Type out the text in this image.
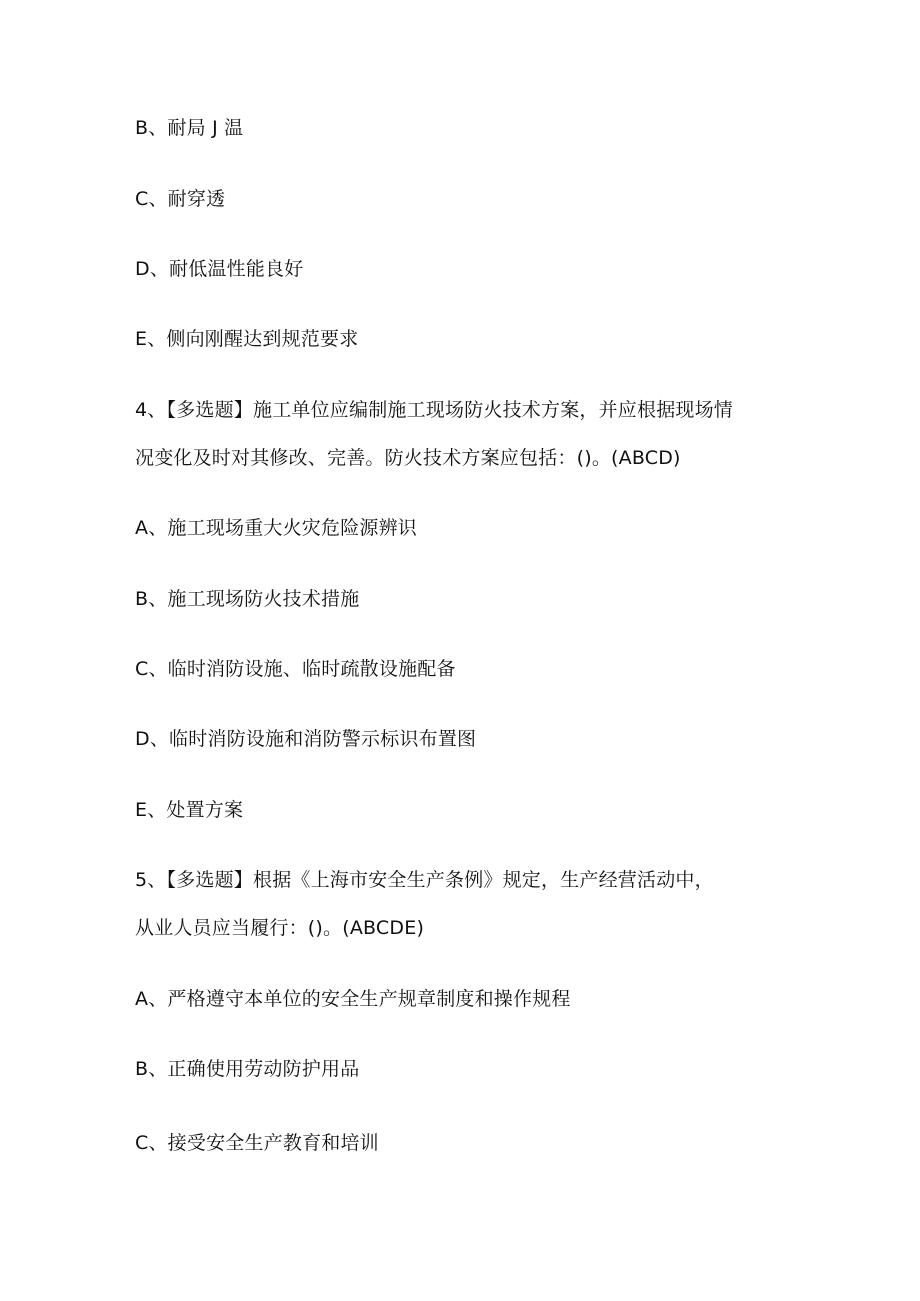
B、耐局 J 温
C、耐穿透
D、耐低温性能良好
E、侧向刚醒达到规范要求
4、【多选题】施工单位应编制施工现场防火技术方案，并应根据现场情
况变化及时对其修改、完善。防火技术方案应包括：()。(ABCD)
A、施工现场重大火灾危险源辨识
B、施工现场防火技术措施
C、临时消防设施、临时疏散设施配备
D、临时消防设施和消防警示标识布置图
E、处置方案
5、【多选题】根据《上海市安全生产条例》规定，生产经营活动中，
从业人员应当履行：()。(ABCDE)
A、严格遵守本单位的安全生产规章制度和操作规程
B、正确使用劳动防护用品
C、接受安全生产教育和培训
